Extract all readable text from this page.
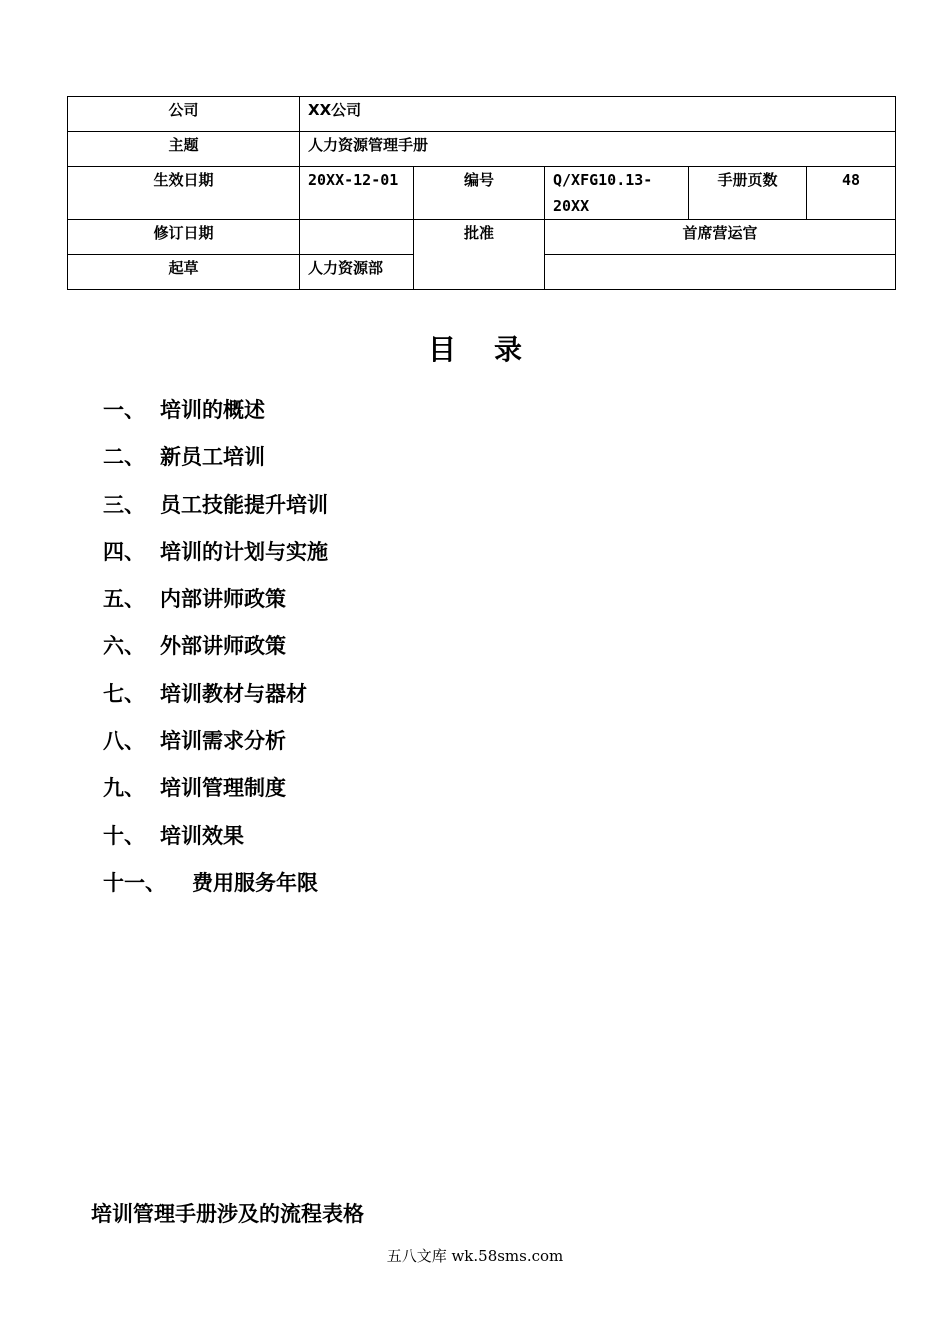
公司	XX公司				
主题	人力资源管理手册				
生效日期	20XX-12-01	编号	Q/XFG10.13-20XX	手册页数	48
修订日期		批准	首席营运官		
起草	人力资源部				
目录
一、 培训的概述
二、 新员工培训
三、 员工技能提升培训
四、 培训的计划与实施
五、 内部讲师政策
六、 外部讲师政策
七、 培训教材与器材
八、 培训需求分析
九、 培训管理制度
十、 培训效果
十一、 费用服务年限
培训管理手册涉及的流程表格
五八文库 wk.58sms.com
